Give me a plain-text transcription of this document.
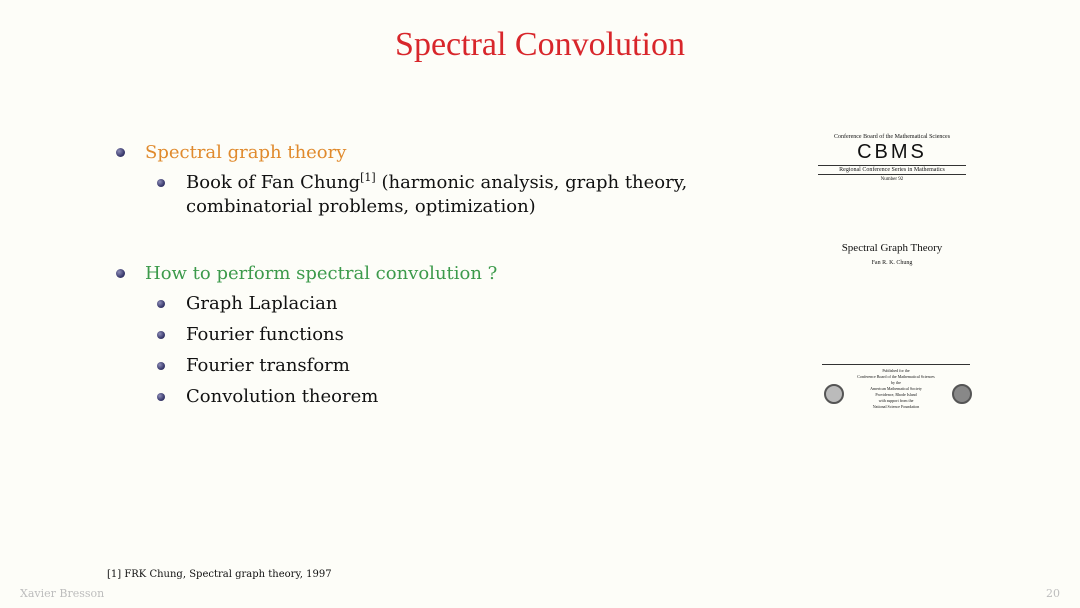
Spectral Convolution
Spectral graph theory
Book of Fan Chung[1] (harmonic analysis, graph theory,
combinatorial problems, optimization)
How to perform spectral convolution ?
Graph Laplacian
Fourier functions
Fourier transform
Convolution theorem
Conference Board of the Mathematical Sciences
CBMS
Regional Conference Series in Mathematics
Number 92
Spectral Graph Theory
Fan R. K. Chung
Published for the
Conference Board of the Mathematical Sciences
by the
American Mathematical Society
Providence, Rhode Island
with support from the
National Science Foundation
[1] FRK Chung, Spectral graph theory, 1997
Xavier Bresson	20
